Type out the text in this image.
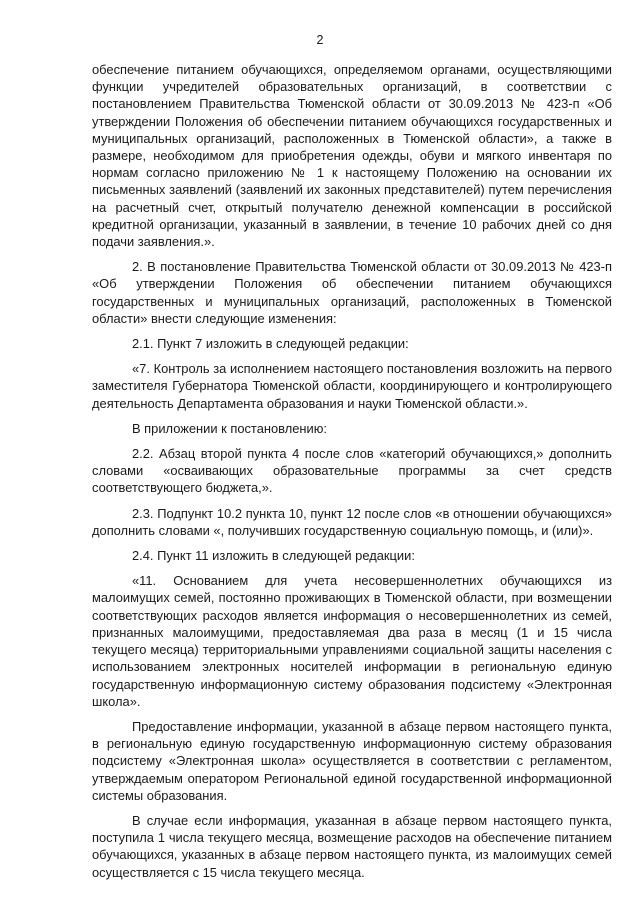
2

обеспечение питанием обучающихся, определяемом органами, осуществляющими функции учредителей образовательных организаций, в соответствии с постановлением Правительства Тюменской области от 30.09.2013 № 423-п «Об утверждении Положения об обеспечении питанием обучающихся государственных и муниципальных организаций, расположенных в Тюменской области», а также в размере, необходимом для приобретения одежды, обуви и мягкого инвентаря по нормам согласно приложению № 1 к настоящему Положению на основании их письменных заявлений (заявлений их законных представителей) путем перечисления на расчетный счет, открытый получателю денежной компенсации в российской кредитной организации, указанный в заявлении, в течение 10 рабочих дней со дня подачи заявления.».

2. В постановление Правительства Тюменской области от 30.09.2013 № 423-п «Об утверждении Положения об обеспечении питанием обучающихся государственных и муниципальных организаций, расположенных в Тюменской области» внести следующие изменения:

2.1. Пункт 7 изложить в следующей редакции:

«7. Контроль за исполнением настоящего постановления возложить на первого заместителя Губернатора Тюменской области, координирующего и контролирующего деятельность Департамента образования и науки Тюменской области.».

В приложении к постановлению:

2.2. Абзац второй пункта 4 после слов «категорий обучающихся,» дополнить словами «осваивающих образовательные программы за счет средств соответствующего бюджета,».

2.3. Подпункт 10.2 пункта 10, пункт 12 после слов «в отношении обучающихся» дополнить словами «, получивших государственную социальную помощь, и (или)».

2.4. Пункт 11 изложить в следующей редакции:

«11. Основанием для учета несовершеннолетних обучающихся из малоимущих семей, постоянно проживающих в Тюменской области, при возмещении соответствующих расходов является информация о несовершеннолетних из семей, признанных малоимущими, предоставляемая два раза в месяц (1 и 15 числа текущего месяца) территориальными управлениями социальной защиты населения с использованием электронных носителей информации в региональную единую государственную информационную систему образования подсистему «Электронная школа».

Предоставление информации, указанной в абзаце первом настоящего пункта, в региональную единую государственную информационную систему образования подсистему «Электронная школа» осуществляется в соответствии с регламентом, утверждаемым оператором Региональной единой государственной информационной системы образования.

В случае если информация, указанная в абзаце первом настоящего пункта, поступила 1 числа текущего месяца, возмещение расходов на обеспечение питанием обучающихся, указанных в абзаце первом настоящего пункта, из малоимущих семей осуществляется с 15 числа текущего месяца.
